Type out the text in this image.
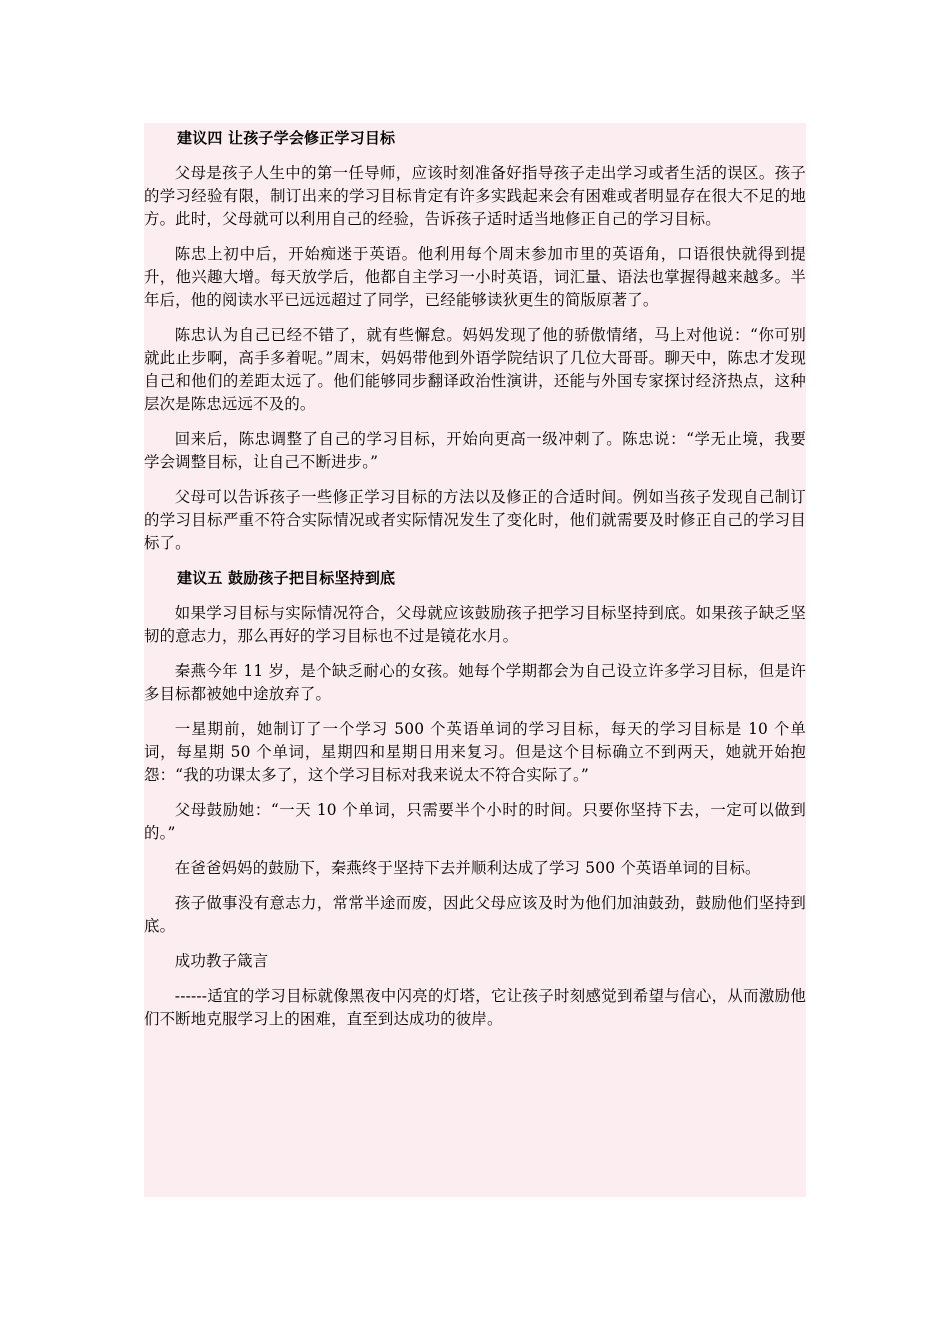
建议四 让孩子学会修正学习目标

父母是孩子人生中的第一任导师，应该时刻准备好指导孩子走出学习或者生活的误区。孩子的学习经验有限，制订出来的学习目标肯定有许多实践起来会有困难或者明显存在很大不足的地方。此时，父母就可以利用自己的经验，告诉孩子适时适当地修正自己的学习目标。

陈忠上初中后，开始痴迷于英语。他利用每个周末参加市里的英语角，口语很快就得到提升，他兴趣大增。每天放学后，他都自主学习一小时英语，词汇量、语法也掌握得越来越多。半年后，他的阅读水平已远远超过了同学，已经能够读狄更生的简版原著了。

陈忠认为自己已经不错了，就有些懈怠。妈妈发现了他的骄傲情绪，马上对他说：“你可别就此止步啊，高手多着呢。”周末，妈妈带他到外语学院结识了几位大哥哥。聊天中，陈忠才发现自己和他们的差距太远了。他们能够同步翻译政治性演讲，还能与外国专家探讨经济热点，这种层次是陈忠远远不及的。

回来后，陈忠调整了自己的学习目标，开始向更高一级冲刺了。陈忠说：“学无止境，我要学会调整目标，让自己不断进步。”

父母可以告诉孩子一些修正学习目标的方法以及修正的合适时间。例如当孩子发现自己制订的学习目标严重不符合实际情况或者实际情况发生了变化时，他们就需要及时修正自己的学习目标了。

建议五 鼓励孩子把目标坚持到底

如果学习目标与实际情况符合，父母就应该鼓励孩子把学习目标坚持到底。如果孩子缺乏坚韧的意志力，那么再好的学习目标也不过是镜花水月。

秦燕今年 11 岁，是个缺乏耐心的女孩。她每个学期都会为自己设立许多学习目标，但是许多目标都被她中途放弃了。

一星期前，她制订了一个学习 500 个英语单词的学习目标，每天的学习目标是 10 个单词，每星期 50 个单词，星期四和星期日用来复习。但是这个目标确立不到两天，她就开始抱怨：“我的功课太多了，这个学习目标对我来说太不符合实际了。”

父母鼓励她：“一天 10 个单词，只需要半个小时的时间。只要你坚持下去，一定可以做到的。”

在爸爸妈妈的鼓励下，秦燕终于坚持下去并顺利达成了学习 500 个英语单词的目标。

孩子做事没有意志力，常常半途而废，因此父母应该及时为他们加油鼓劲，鼓励他们坚持到底。

成功教子箴言

------适宜的学习目标就像黑夜中闪亮的灯塔，它让孩子时刻感觉到希望与信心，从而激励他们不断地克服学习上的困难，直至到达成功的彼岸。
